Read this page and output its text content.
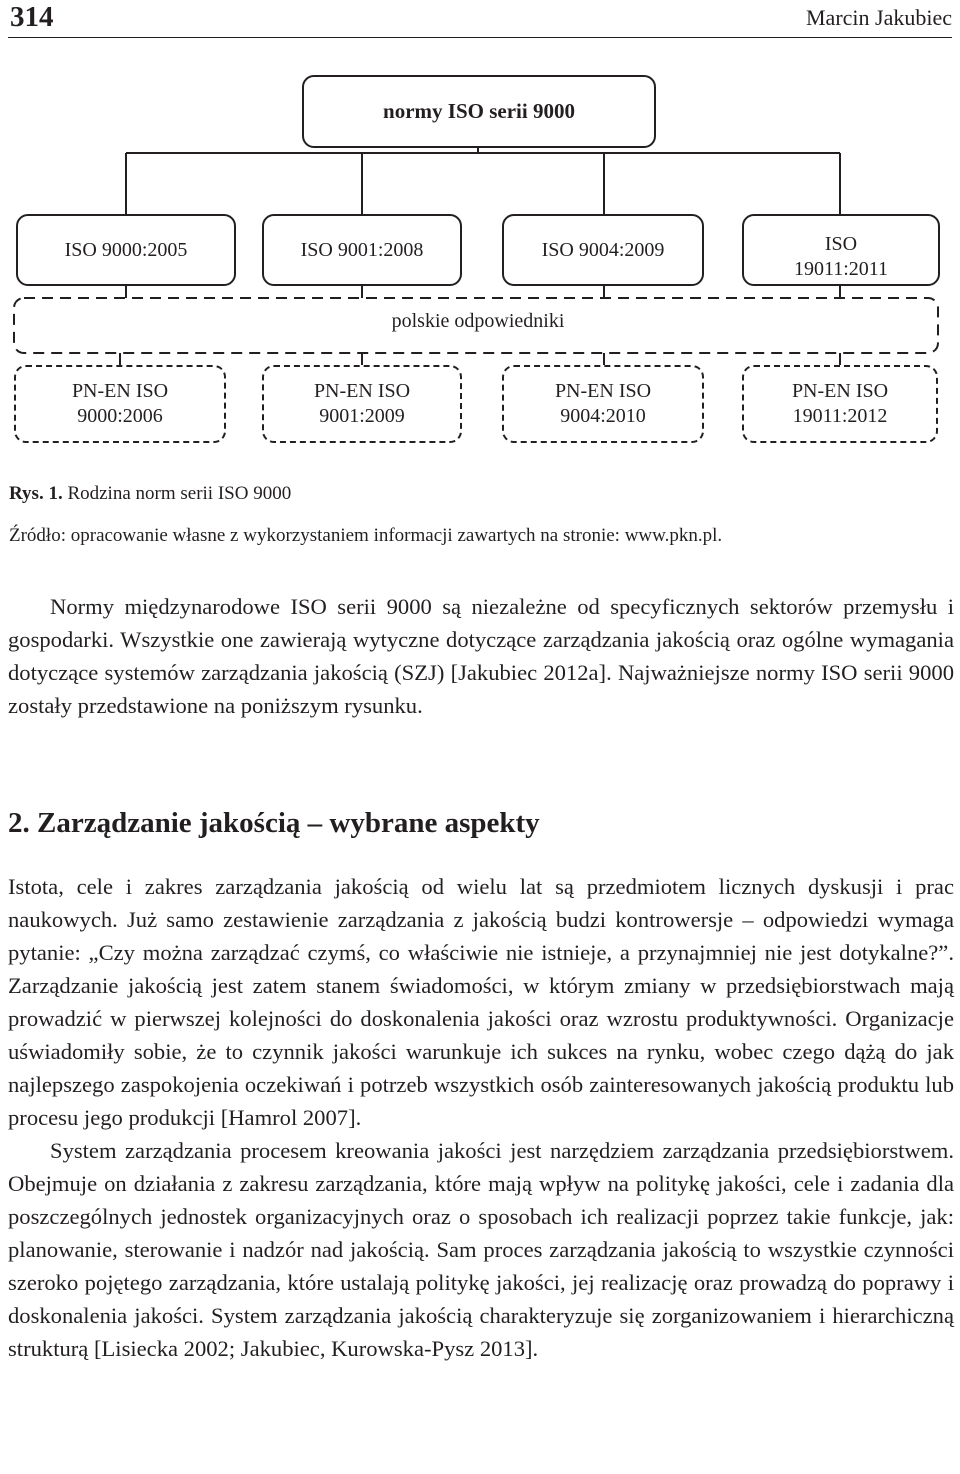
314	Marcin Jakubiec
normy ISO serii 9000
ISO 9000:2005	ISO 9001:2008	ISO 9004:2009	ISO 19011:2011
polskie odpowiedniki
PN-EN ISO 9000:2006
PN-EN ISO 9001:2009
PN-EN ISO 9004:2010
PN-EN ISO 19011:2012
Rys. 1. Rodzina norm serii ISO 9000
Źródło: opracowanie własne z wykorzystaniem informacji zawartych na stronie: www.pkn.pl.

Normy międzynarodowe ISO serii 9000 są niezależne od specyficznych sektorów przemysłu i gospodarki. Wszystkie one zawierają wytyczne dotyczące zarządzania jakością oraz ogólne wymagania dotyczące systemów zarządzania jakością (SZJ) [Jakubiec 2012a]. Najważniejsze normy ISO serii 9000 zostały przedstawione na poniższym rysunku.

2. Zarządzanie jakością – wybrane aspekty

Istota, cele i zakres zarządzania jakością od wielu lat są przedmiotem licznych dyskusji i prac naukowych. Już samo zestawienie zarządzania z jakością budzi kontrowersje – odpowiedzi wymaga pytanie: „Czy można zarządzać czymś, co właściwie nie istnieje, a przynajmniej nie jest dotykalne?”. Zarządzanie jakością jest zatem stanem świadomości, w którym zmiany w przedsiębiorstwach mają prowadzić w pierwszej kolejności do doskonalenia jakości oraz wzrostu produktywności. Organizacje uświadomiły sobie, że to czynnik jakości warunkuje ich sukces na rynku, wobec czego dążą do jak najlepszego zaspokojenia oczekiwań i potrzeb wszystkich osób zainteresowanych jakością produktu lub procesu jego produkcji [Hamrol 2007].

System zarządzania procesem kreowania jakości jest narzędziem zarządzania przedsiębiorstwem. Obejmuje on działania z zakresu zarządzania, które mają wpływ na politykę jakości, cele i zadania dla poszczególnych jednostek organizacyjnych oraz o sposobach ich realizacji poprzez takie funkcje, jak: planowanie, sterowanie i nadzór nad jakością. Sam proces zarządzania jakością to wszystkie czynności szeroko pojętego zarządzania, które ustalają politykę jakości, jej realizację oraz prowadzą do poprawy i doskonalenia jakości. System zarządzania jakością charakteryzuje się zorganizowaniem i hierarchiczną strukturą [Lisiecka 2002; Jakubiec, Kurowska-Pysz 2013].
